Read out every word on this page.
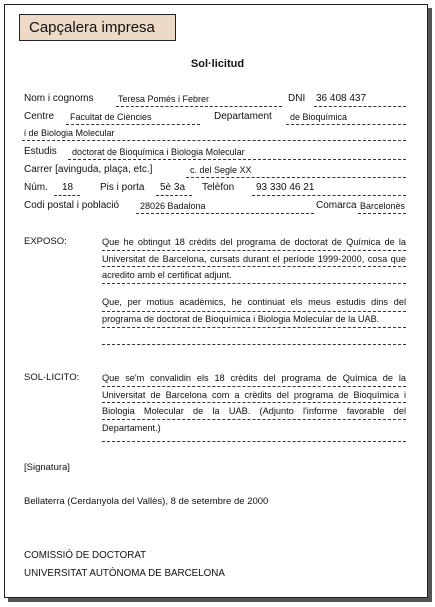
Capçalera impresa
Sol·licitud
Nom i cognoms	Teresa Pomés i Febrer	DNI 36 408 437
Centre Facultat de Ciències	Departament de Bioquímica
i de Biologia Molecular
Estudis doctorat de Bioquímica i Biologia Molecular
Carrer [avinguda, plaça, etc.]	c. del Segle XX
Núm. 18	Pis i porta 5è 3a Telèfon 93 330 46 21
Codi postal i població 28026 Badalona	Comarca Barcelonès
EXPOSO:	Que he obtingut 18 crèdits del programa de doctorat de Química de la Universitat de Barcelona, cursats durant el període 1999-2000, cosa que acredito amb el certificat adjunt.
Que, per motius acadèmics, he continuat els meus estudis dins del programa de doctorat de Bioquímica i Biologia Molecular de la UAB.
SOL·LICITO: Que se'm convalidin els 18 crèdits del programa de Química de la Universitat de Barcelona com a crèdits del programa de Bioquímica i Biologia Molecular de la UAB. (Adjunto l'informe favorable del Departament.)
[Signatura]
Bellaterra (Cerdanyola del Vallès), 8 de setembre de 2000
COMISSIÓ DE DOCTORAT
UNIVERSITAT AUTÒNOMA DE BARCELONA
